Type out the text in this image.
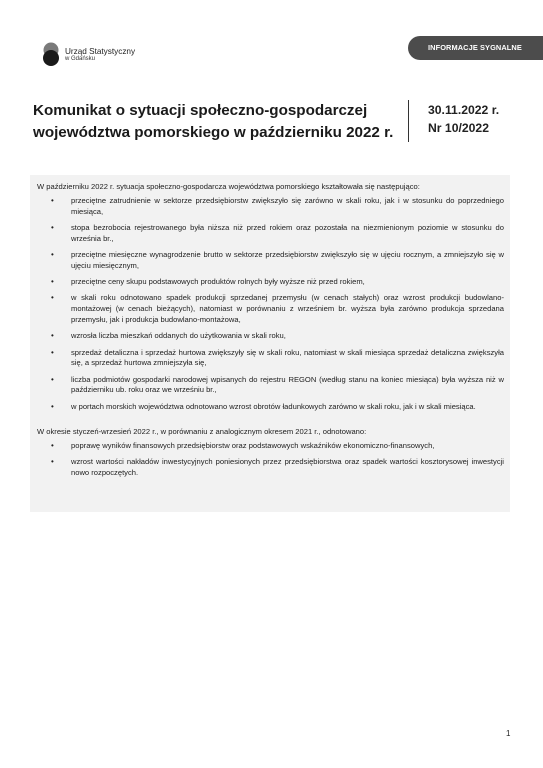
Urząd Statystyczny
w Gdańsku
INFORMACJE SYGNALNE
Komunikat o sytuacji społeczno-gospodarczej
województwa pomorskiego w październiku 2022 r.
30.11.2022 r.
Nr 10/2022

W październiku 2022 r. sytuacja społeczno-gospodarcza województwa pomorskiego kształtowała się następująco:

• przeciętne zatrudnienie w sektorze przedsiębiorstw zwiększyło się zarówno w skali roku, jak i w stosunku do poprzedniego miesiąca,
• stopa bezrobocia rejestrowanego była niższa niż przed rokiem oraz pozostała na niezmienionym poziomie w stosunku do września br.,
• przeciętne miesięczne wynagrodzenie brutto w sektorze przedsiębiorstw zwiększyło się w ujęciu rocznym, a zmniejszyło się w ujęciu miesięcznym,
• przeciętne ceny skupu podstawowych produktów rolnych były wyższe niż przed rokiem,
• w skali roku odnotowano spadek produkcji sprzedanej przemysłu (w cenach stałych) oraz wzrost produkcji budowlano-montażowej (w cenach bieżących), natomiast w porównaniu z wrześniem br. wyższa była zarówno produkcja sprzedana przemysłu, jak i produkcja budowlano-montażowa,
• wzrosła liczba mieszkań oddanych do użytkowania w skali roku,
• sprzedaż detaliczna i sprzedaż hurtowa zwiększyły się w skali roku, natomiast w skali miesiąca sprzedaż detaliczna zwiększyła się, a sprzedaż hurtowa zmniejszyła się,
• liczba podmiotów gospodarki narodowej wpisanych do rejestru REGON (według stanu na koniec miesiąca) była wyższa niż w październiku ub. roku oraz we wrześniu br.,
• w portach morskich województwa odnotowano wzrost obrotów ładunkowych zarówno w skali roku, jak i w skali miesiąca.

W okresie styczeń-wrzesień 2022 r., w porównaniu z analogicznym okresem 2021 r., odnotowano:

• poprawę wyników finansowych przedsiębiorstw oraz podstawowych wskaźników ekonomiczno-finansowych,
• wzrost wartości nakładów inwestycyjnych poniesionych przez przedsiębiorstwa oraz spadek wartości kosztorysowej inwestycji nowo rozpoczętych.
1
